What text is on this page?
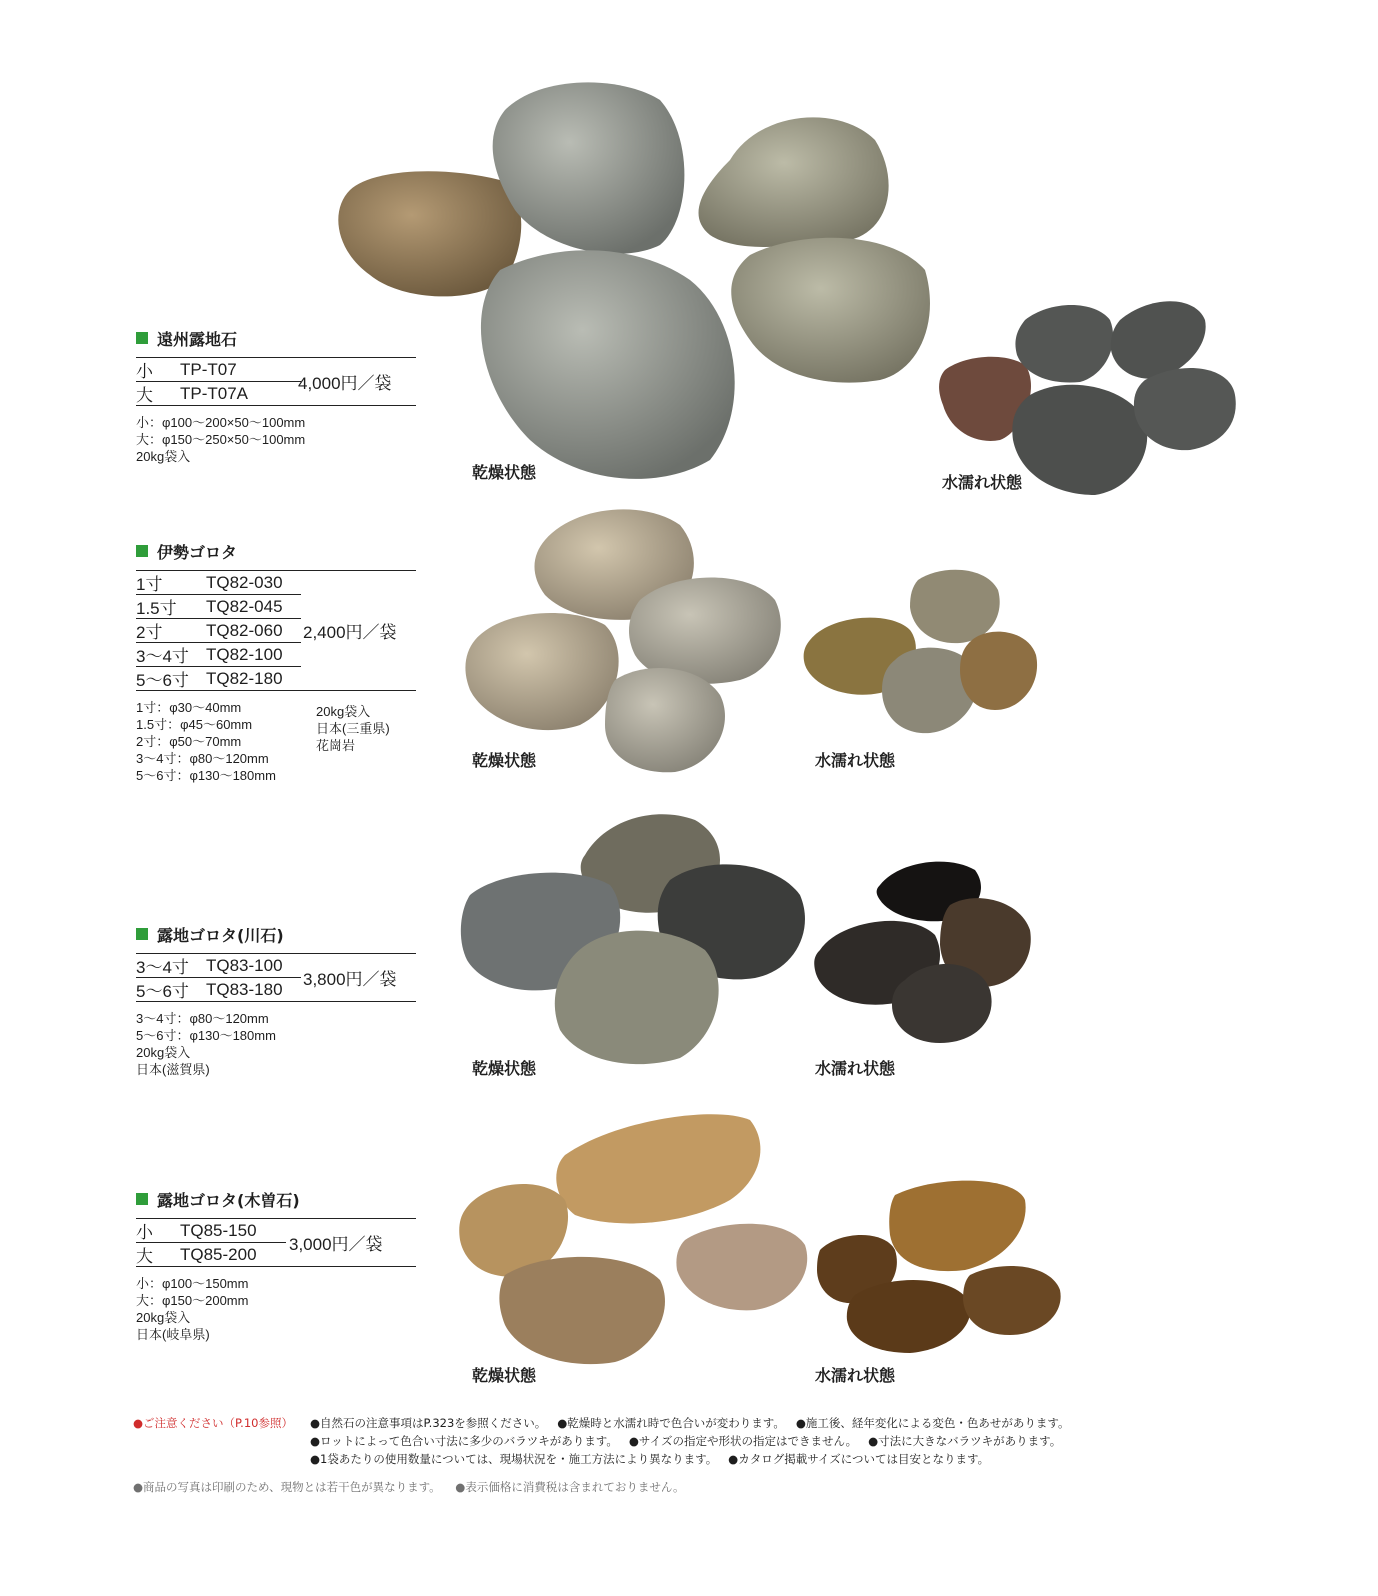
遠州露地石
小	TP-T07
大	TP-T07A	4,000円／袋
小：φ100～200×50～100mm
大：φ150～250×50～100mm
20kg袋入
乾燥状態
水濡れ状態
伊勢ゴロタ
1寸	TQ82-030
1.5寸	TQ82-045
2寸	TQ82-060
3～4寸	TQ82-100
5～6寸	TQ82-180
2,400円／袋
1寸：φ30～40mm
1.5寸：φ45～60mm
2寸：φ50～70mm
3～4寸：φ80～120mm
5～6寸：φ130～180mm
20kg袋入
日本(三重県)
花崗岩
乾燥状態	水濡れ状態
露地ゴロタ(川石)
3～4寸	TQ83-100
5～6寸	TQ83-180 3,800円／袋
3～4寸：φ80～120mm
5～6寸：φ130～180mm
20kg袋入
日本(滋賀県)	乾燥状態	水濡れ状態
露地ゴロタ(木曽石)
小	TQ85-150
大	TQ85-200 3,000円／袋
小：φ100～150mm
大：φ150～200mm
20kg袋入
日本(岐阜県)
乾燥状態	水濡れ状態
●ご注意ください（P.10参照） ●自然石の注意事項はP.323を参照ください。 ●乾燥時と水濡れ時で色合いが変わります。 ●施工後、経年変化による変色・色あせがあります。
●ロットによって色合い寸法に多少のバラツキがあります。 ●サイズの指定や形状の指定はできません。 ●寸法に大きなバラツキがあります。
●1袋あたりの使用数量については、現場状況を・施工方法により異なります。 ●カタログ掲載サイズについては目安となります。
●商品の写真は印刷のため、現物とは若干色が異なります。 ●表示価格に消費税は含まれておりません。
